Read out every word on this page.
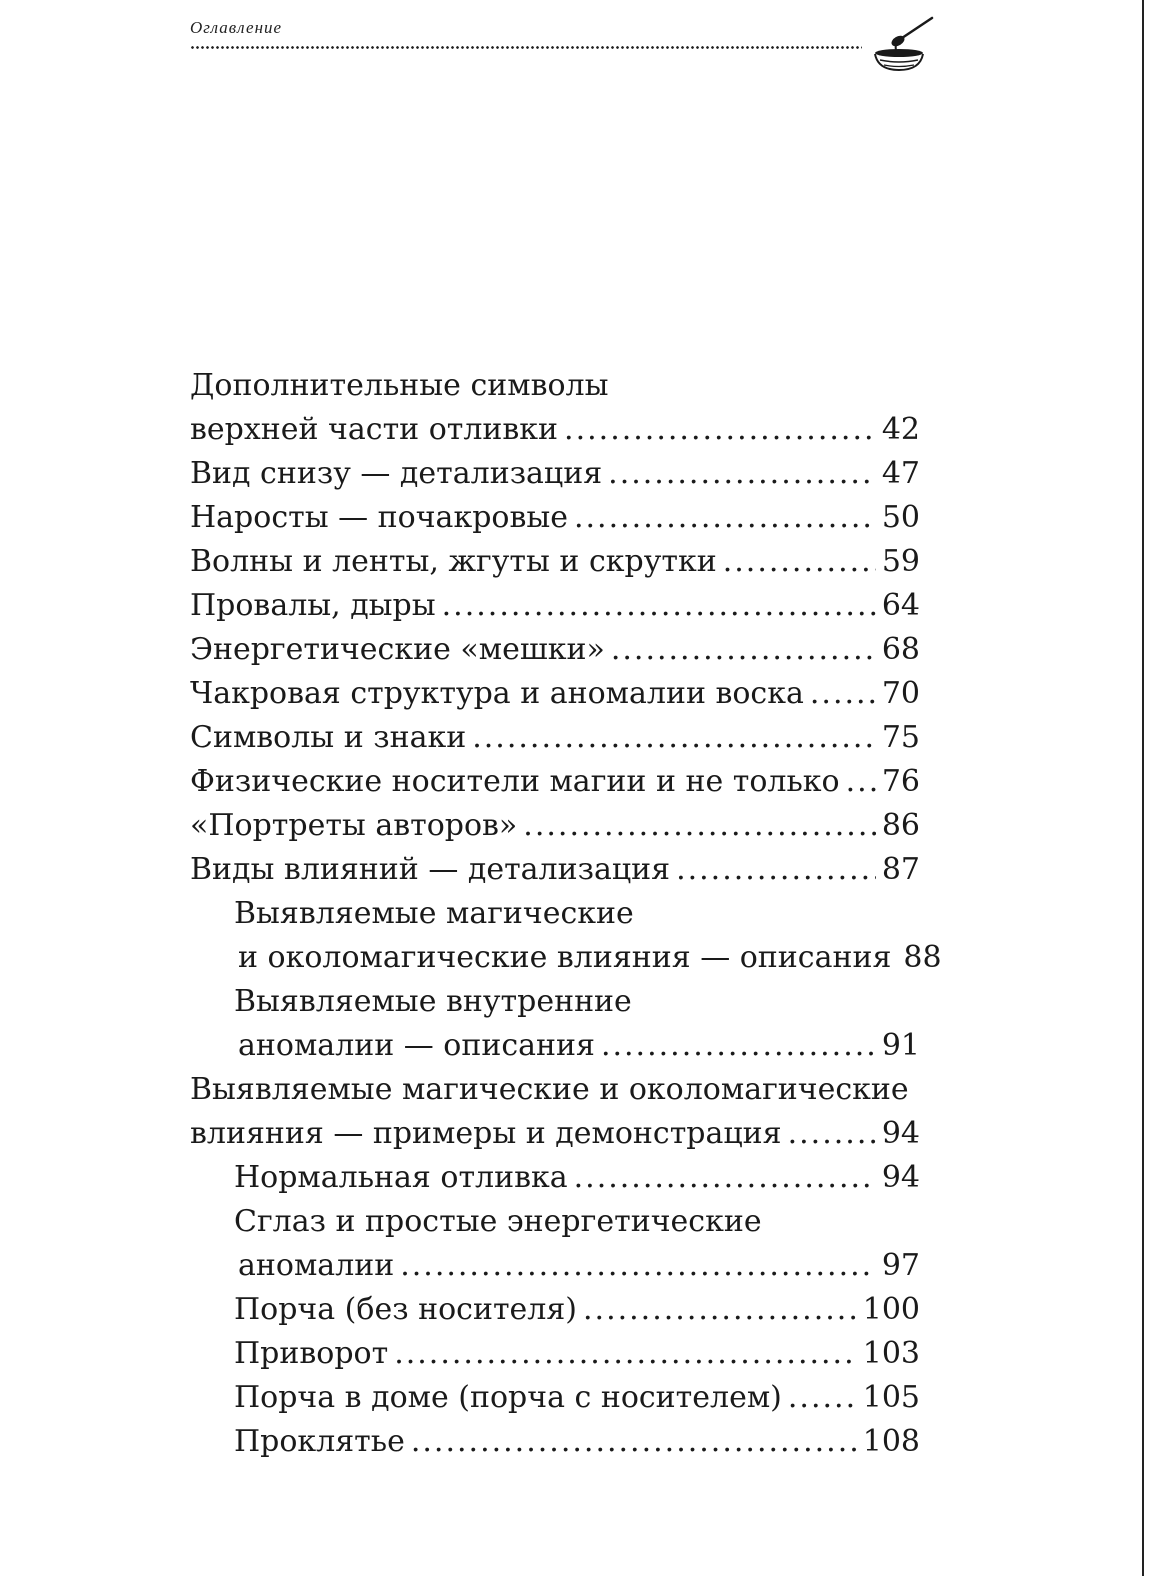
Оглавление
Дополнительные символы
верхней части отливки .....	42
Вид снизу — детализация .....	47
Наросты — почакровые .....	50
Волны и ленты, жгуты и скрутки .....	59
Провалы, дыры .....	64
Энергетические «мешки» .....	68
Чакровая структура и аномалии воска .....	70
Символы и знаки .....	75
Физические носители магии и не только ..... 76
«Портреты авторов» .....	86
Виды влияний — детализация .....	87
Выявляемые магические
и околомагические влияния — описания 88
Выявляемые внутренние
аномалии — описания .....	91
Выявляемые магические и околомагические
влияния — примеры и демонстрация .....	94
Нормальная отливка .....	94
Сглаз и простые энергетические
аномалии .....	97
Порча (без носителя) .....	100
Приворот .....	103
Порча в доме (порча с носителем) .....	105
Проклятье .....	108
